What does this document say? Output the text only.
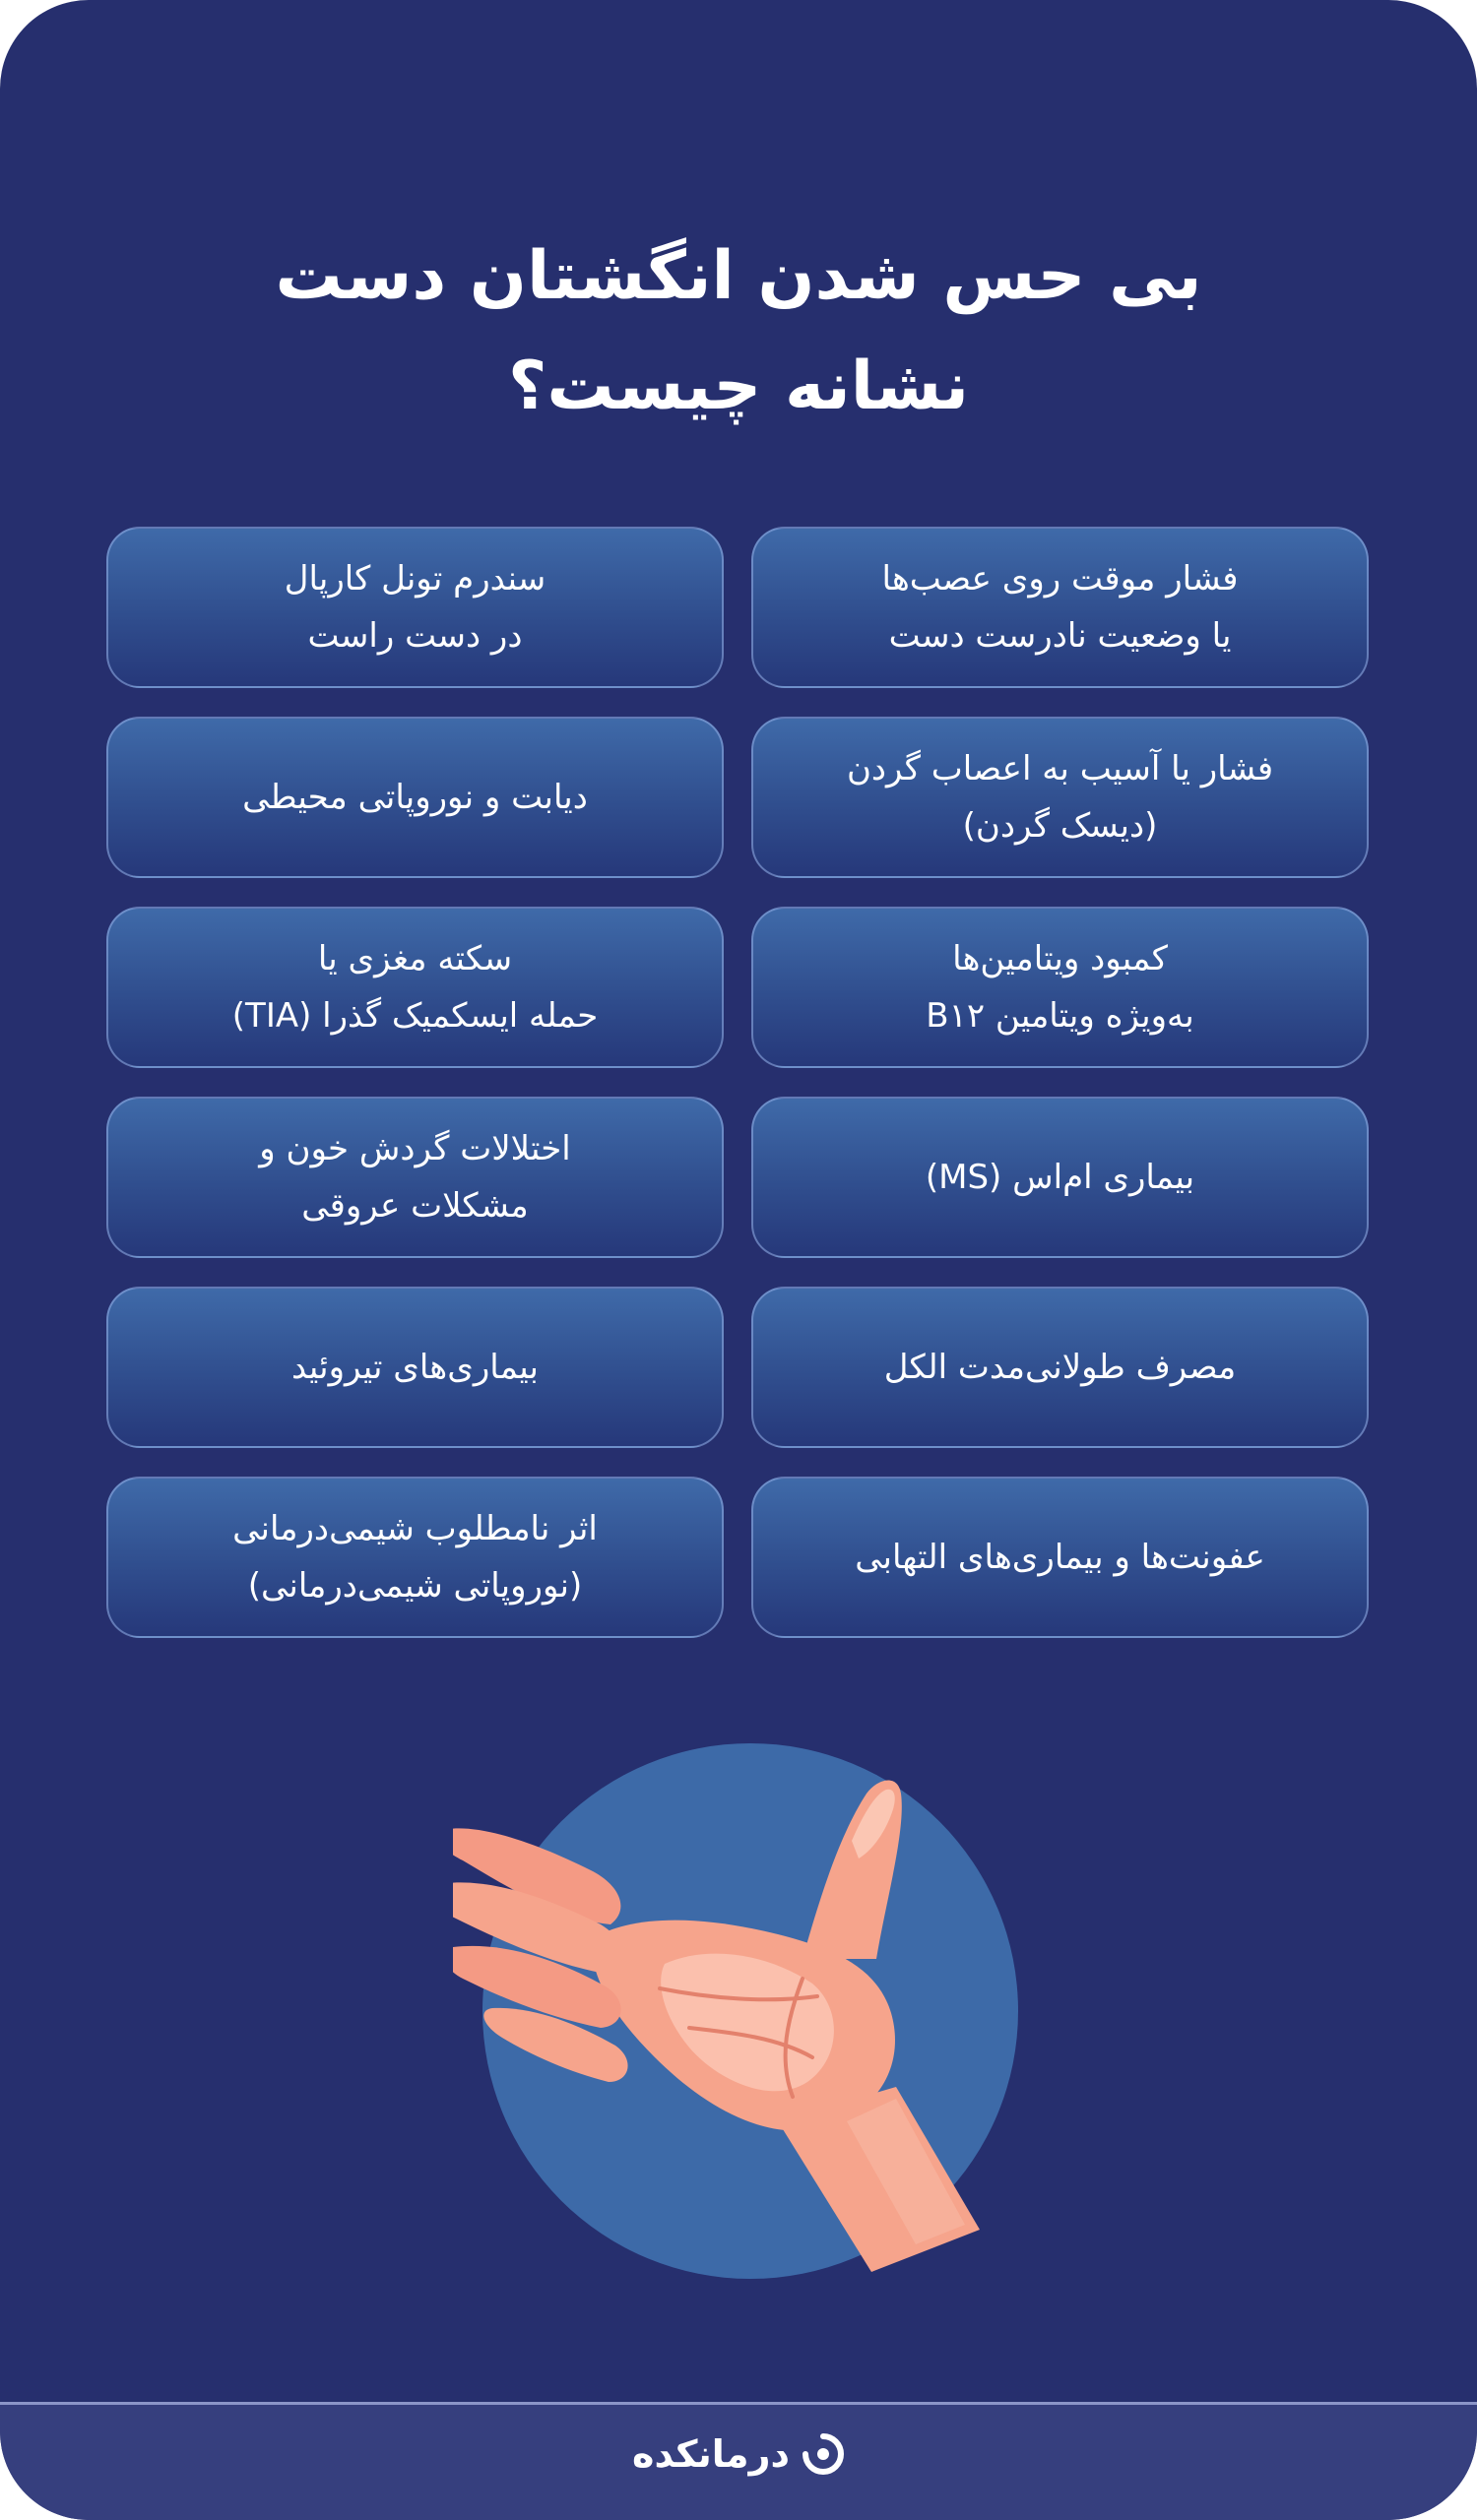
بی حس شدن انگشتان دست
نشانه چیست؟
فشار موقت روی عصب‌ها
یا وضعیت نادرست دست
سندرم تونل کارپال
در دست راست
فشار یا آسیب به اعصاب گردن
(دیسک گردن)
دیابت و نوروپاتی محیطی
کمبود ویتامین‌ها
به‌ویژه ویتامین B۱۲
سکته مغزی یا
حمله ایسکمیک گذرا (TIA)
بیماری ام‌اس (MS)
اختلالات گردش خون و
مشکلات عروقی
مصرف طولانی‌مدت الکل
بیماری‌های تیروئید
عفونت‌ها و بیماری‌های التهابی
اثر نامطلوب شیمی‌درمانی
(نوروپاتی شیمی‌درمانی)
درمانکده
